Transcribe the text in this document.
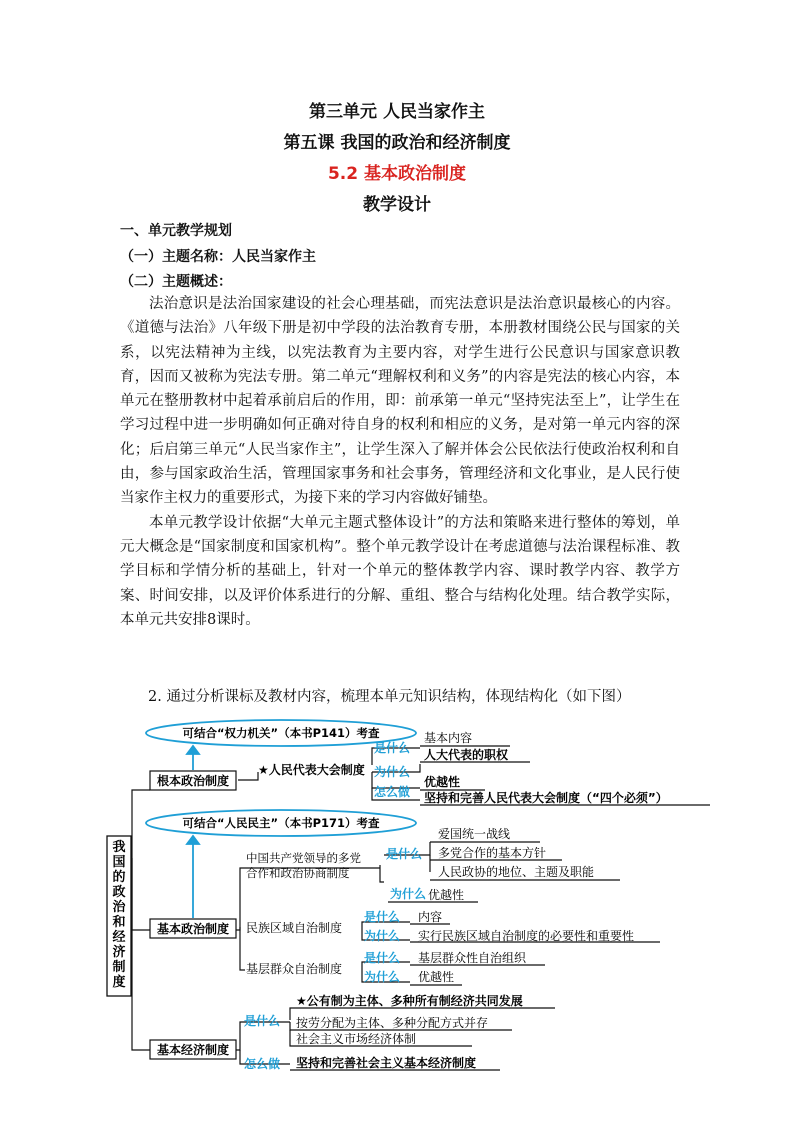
第三单元 人民当家作主
第五课 我国的政治和经济制度
5.2 基本政治制度
教学设计
一、单元教学规划
（一）主题名称：人民当家作主
（二）主题概述：

法治意识是法治国家建设的社会心理基础，而宪法意识是法治意识最核心的内容。《道德与法治》八年级下册是初中学段的法治教育专册，本册教材围绕公民与国家的关系，以宪法精神为主线，以宪法教育为主要内容，对学生进行公民意识与国家意识教育，因而又被称为宪法专册。第二单元“理解权利和义务”的内容是宪法的核心内容，本单元在整册教材中起着承前启后的作用，即：前承第一单元“坚持宪法至上”，让学生在学习过程中进一步明确如何正确对待自身的权利和相应的义务，是对第一单元内容的深化；后启第三单元“人民当家作主”，让学生深入了解并体会公民依法行使政治权利和自由，参与国家政治生活，管理国家事务和社会事务，管理经济和文化事业，是人民行使当家作主权力的重要形式，为接下来的学习内容做好铺垫。

本单元教学设计依据“大单元主题式整体设计”的方法和策略来进行整体的筹划，单元大概念是“国家制度和国家机构”。整个单元教学设计在考虑道德与法治课程标准、教学目标和学情分析的基础上，针对一个单元的整体教学内容、课时教学内容、教学方案、时间安排，以及评价体系进行的分解、重组、整合与结构化处理。结合教学实际，本单元共安排8课时。

2. 通过分析课标及教材内容，梳理本单元知识结构，体现结构化（如下图）
可结合“权力机关”（本书P141）考查
可结合“人民民主”（本书P171）考查
我
国
的
政
治
和
经
济
制
度
根本政治制度
基本政治制度
基本经济制度
★人民代表大会制度
是什么
为什么
怎么做
基本内容
人大代表的职权
优越性
坚持和完善人民代表大会制度（“四个必须”）
中国共产党领导的多党
合作和政治协商制度
是什么
为什么
爱国统一战线
多党合作的基本方针
人民政协的地位、主题及职能
优越性
民族区域自治制度
是什么
为什么
内容
实行民族区域自治制度的必要性和重要性
基层群众自治制度
是什么
为什么
基层群众性自治组织
优越性
是什么
怎么做
★公有制为主体、多种所有制经济共同发展
按劳分配为主体、多种分配方式并存
社会主义市场经济体制
坚持和完善社会主义基本经济制度
